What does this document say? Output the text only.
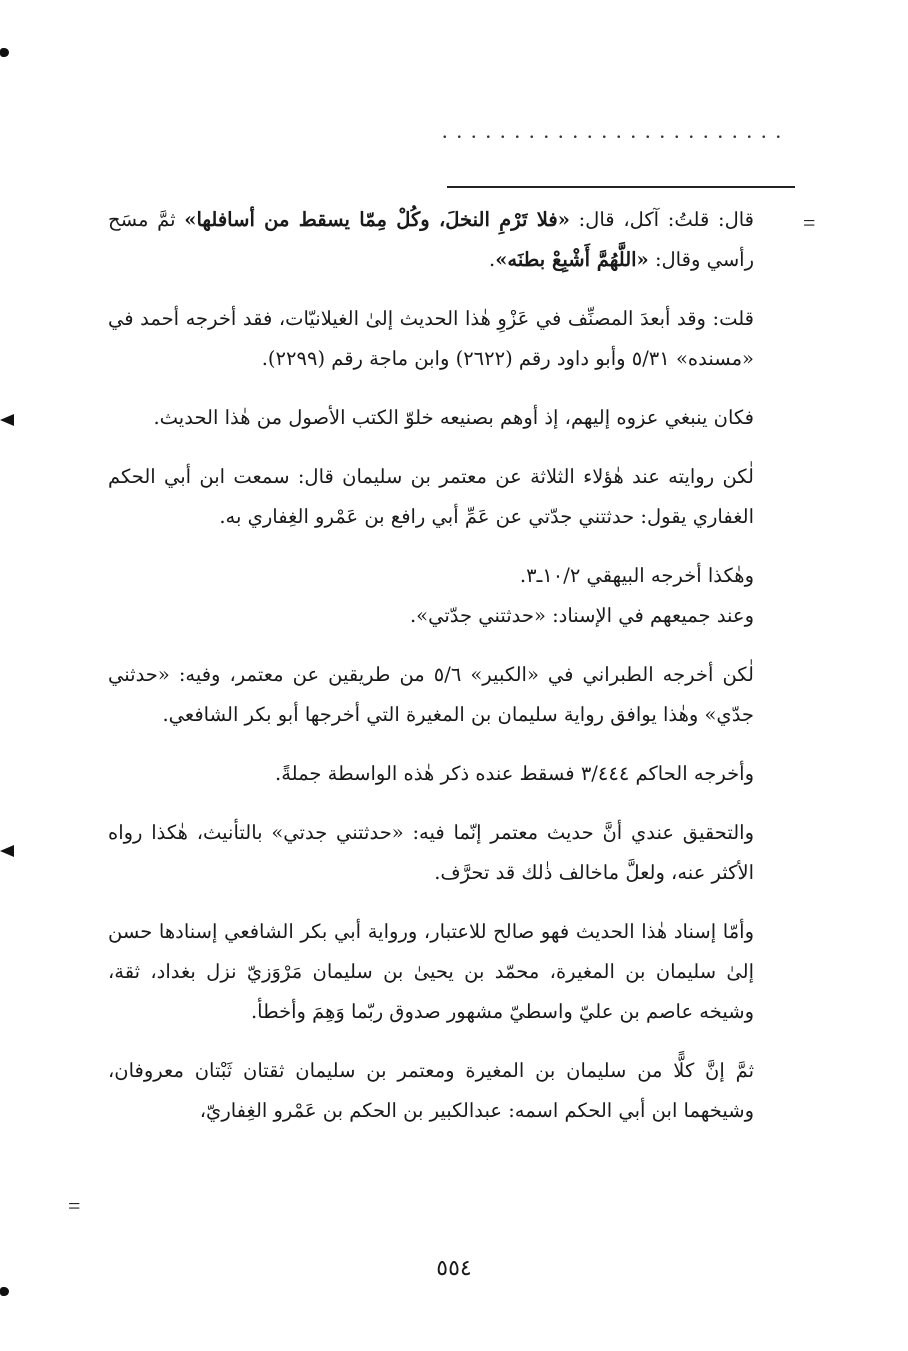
........................
=
=

قال: قلتُ: آكل، قال: «فلا تَرْمِ النخلَ، وكُلْ مِمّا يسقط من أسافلها» ثمَّ مسَح رأسي وقال: «اللَّهُمَّ أَشْبِعْ بطنَه».

قلت: وقد أبعدَ المصنِّف في عَزْوِ هٰذا الحديث إلىٰ الغيلانيّات، فقد أخرجه أحمد في «مسنده» ٥/٣١ وأبو داود رقم (٢٦٢٢) وابن ماجة رقم (٢٢٩٩).

فكان ينبغي عزوه إليهم، إذ أوهم بصنيعه خلوّ الكتب الأصول من هٰذا الحديث.

لٰكن روايته عند هٰؤلاء الثلاثة عن معتمر بن سليمان قال: سمعت ابن أبي الحكم الغفاري يقول: حدثتني جدّتي عن عَمِّ أبي رافع بن عَمْرو الغِفاري به.

وهٰكذا أخرجه البيهقي ١٠/٢ـ٣.

وعند جميعهم في الإسناد: «حدثتني جدّتي».

لٰكن أخرجه الطبراني في «الكبير» ٥/٦ من طريقين عن معتمر، وفيه: «حدثني جدّي» وهٰذا يوافق رواية سليمان بن المغيرة التي أخرجها أبو بكر الشافعي.

وأخرجه الحاكم ٣/٤٤٤ فسقط عنده ذكر هٰذه الواسطة جملةً.

والتحقيق عندي أنَّ حديث معتمر إنّما فيه: «حدثتني جدتي» بالتأنيث، هٰكذا رواه الأكثر عنه، ولعلَّ ماخالف ذٰلك قد تحرَّف.

وأمّا إسناد هٰذا الحديث فهو صالح للاعتبار، ورواية أبي بكر الشافعي إسنادها حسن إلىٰ سليمان بن المغيرة، محمّد بن يحيىٰ بن سليمان مَرْوَزيّ نزل بغداد، ثقة، وشيخه عاصم بن عليّ واسطيّ مشهور صدوق ربّما وَهِمَ وأخطأ.

ثمَّ إنَّ كلًّا من سليمان بن المغيرة ومعتمر بن سليمان ثقتان ثَبْتان معروفان، وشيخهما ابن أبي الحكم اسمه: عبدالكبير بن الحكم بن عَمْرو الغِفاريّ،

٥٥٤
